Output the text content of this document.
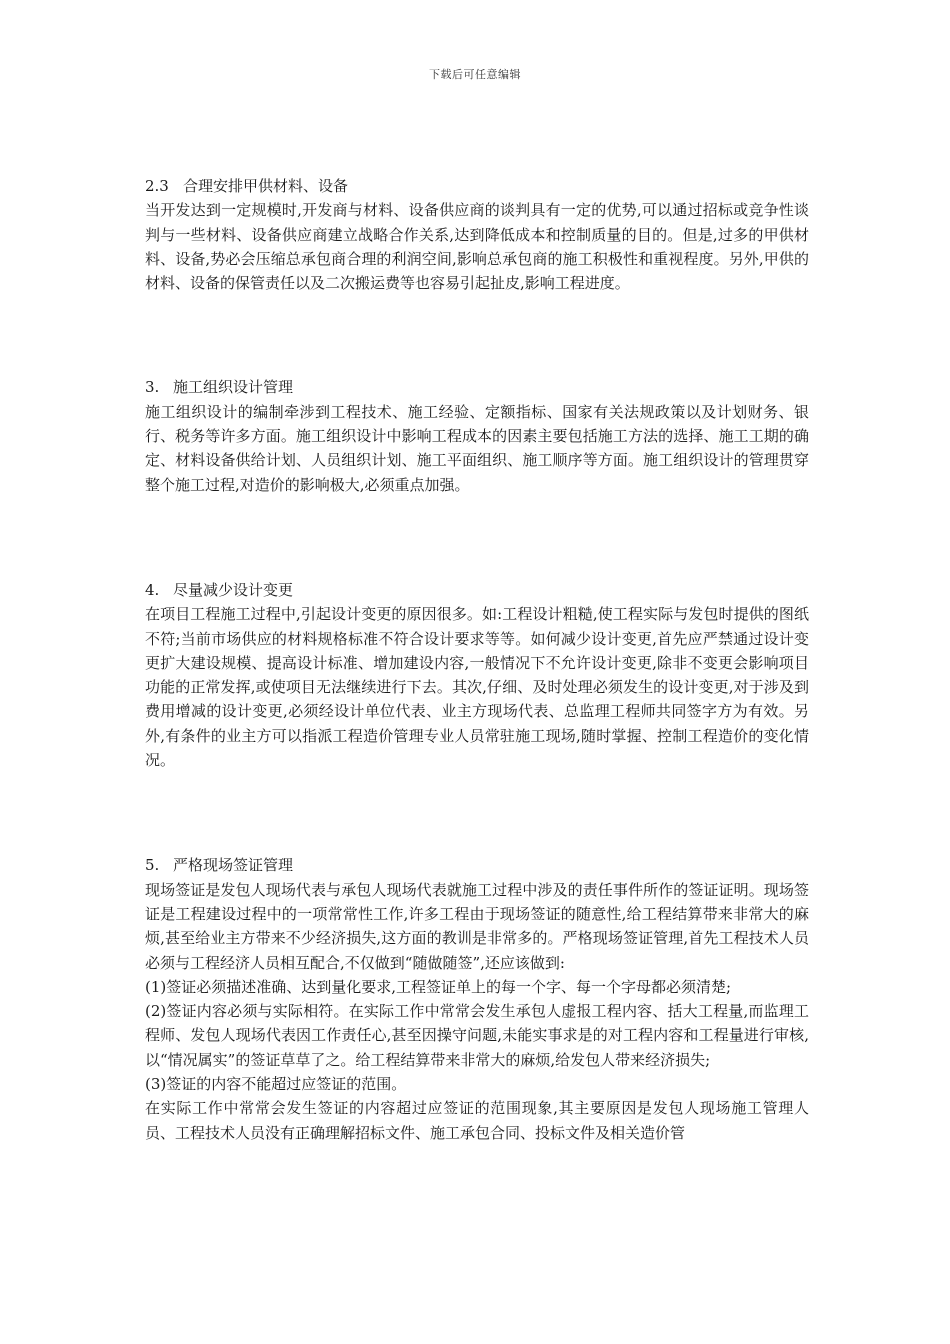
下载后可任意编辑
2.3 合理安排甲供材料、设备

当开发达到一定规模时,开发商与材料、设备供应商的谈判具有一定的优势,可以通过招标或竞争性谈判与一些材料、设备供应商建立战略合作关系,达到降低成本和控制质量的目的。但是,过多的甲供材料、设备,势必会压缩总承包商合理的利润空间,影响总承包商的施工积极性和重视程度。另外,甲供的材料、设备的保管责任以及二次搬运费等也容易引起扯皮,影响工程进度。

3. 施工组织设计管理

施工组织设计的编制牵涉到工程技术、施工经验、定额指标、国家有关法规政策以及计划财务、银行、税务等许多方面。施工组织设计中影响工程成本的因素主要包括施工方法的选择、施工工期的确定、材料设备供给计划、人员组织计划、施工平面组织、施工顺序等方面。施工组织设计的管理贯穿整个施工过程,对造价的影响极大,必须重点加强。

4. 尽量减少设计变更

在项目工程施工过程中,引起设计变更的原因很多。如:工程设计粗糙,使工程实际与发包时提供的图纸不符;当前市场供应的材料规格标准不符合设计要求等等。如何减少设计变更,首先应严禁通过设计变更扩大建设规模、提高设计标准、增加建设内容,一般情况下不允许设计变更,除非不变更会影响项目功能的正常发挥,或使项目无法继续进行下去。其次,仔细、及时处理必须发生的设计变更,对于涉及到费用增减的设计变更,必须经设计单位代表、业主方现场代表、总监理工程师共同签字方为有效。另外,有条件的业主方可以指派工程造价管理专业人员常驻施工现场,随时掌握、控制工程造价的变化情况。

5. 严格现场签证管理

现场签证是发包人现场代表与承包人现场代表就施工过程中涉及的责任事件所作的签证证明。现场签证是工程建设过程中的一项常常性工作,许多工程由于现场签证的随意性,给工程结算带来非常大的麻烦,甚至给业主方带来不少经济损失,这方面的教训是非常多的。严格现场签证管理,首先工程技术人员必须与工程经济人员相互配合,不仅做到“随做随签”,还应该做到:

(1)签证必须描述准确、达到量化要求,工程签证单上的每一个字、每一个字母都必须清楚;

(2)签证内容必须与实际相符。在实际工作中常常会发生承包人虚报工程内容、括大工程量,而监理工程师、发包人现场代表因工作责任心,甚至因操守问题,未能实事求是的对工程内容和工程量进行审核,以“情况属实”的签证草草了之。给工程结算带来非常大的麻烦,给发包人带来经济损失;

(3)签证的内容不能超过应签证的范围。

在实际工作中常常会发生签证的内容超过应签证的范围现象,其主要原因是发包人现场施工管理人员、工程技术人员没有正确理解招标文件、施工承包合同、投标文件及相关造价管
